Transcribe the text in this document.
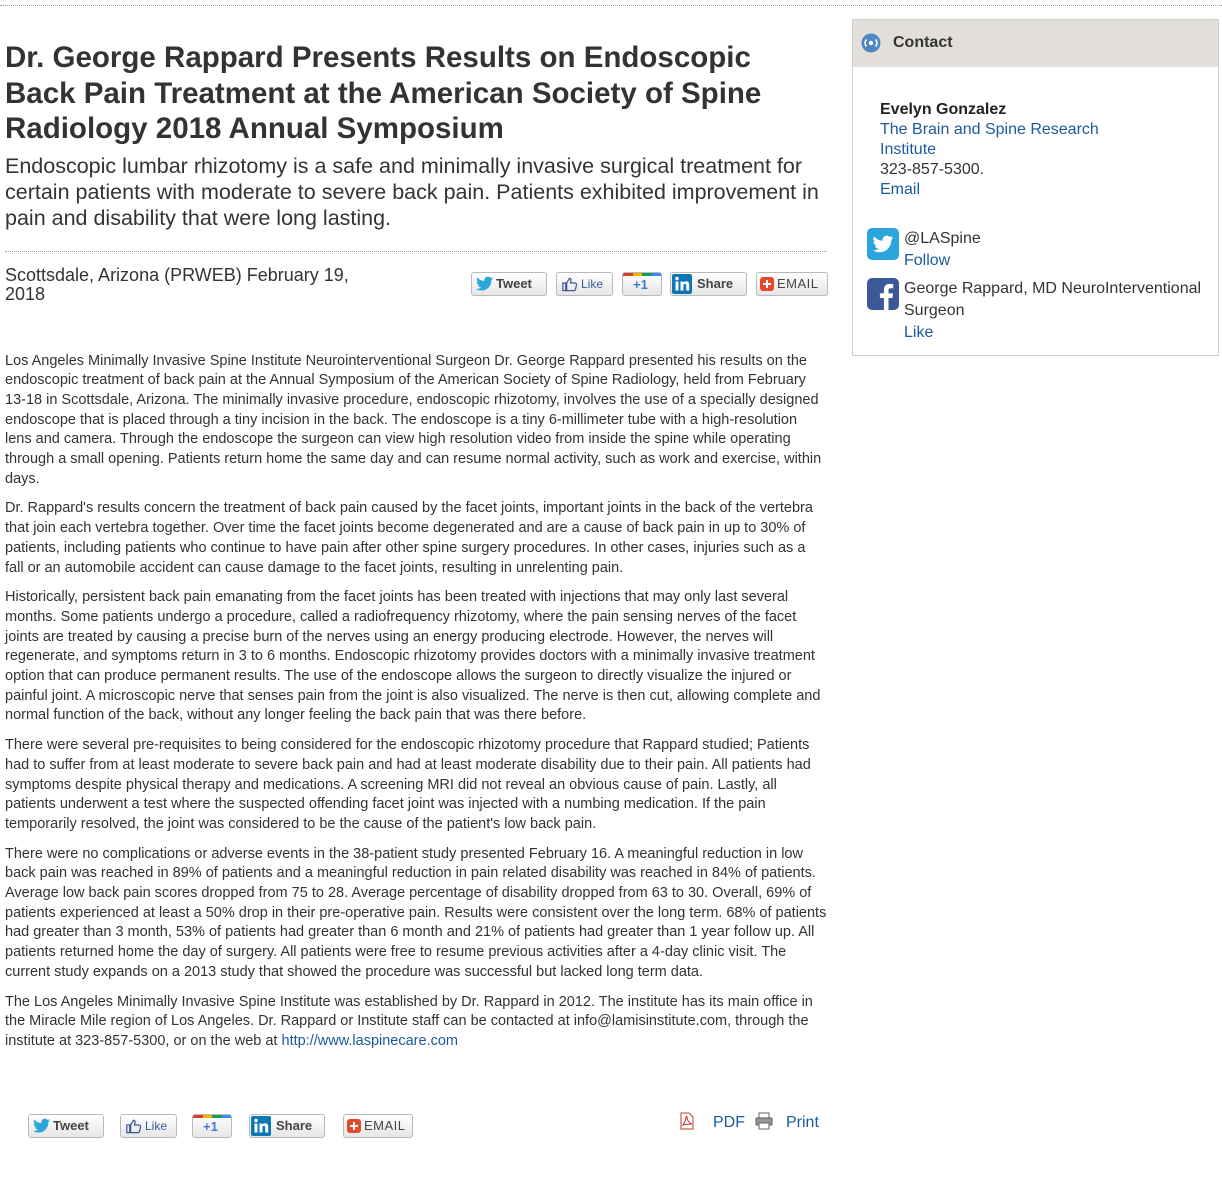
Dr. George Rappard Presents Results on Endoscopic Back Pain Treatment at the American Society of Spine Radiology 2018 Annual Symposium
Endoscopic lumbar rhizotomy is a safe and minimally invasive surgical treatment for certain patients with moderate to severe back pain. Patients exhibited improvement in pain and disability that were long lasting.
Scottsdale, Arizona (PRWEB) February 19, 2018
Tweet	Like +1	Share	EMAIL

Los Angeles Minimally Invasive Spine Institute Neurointerventional Surgeon Dr. George Rappard presented his results on the endoscopic treatment of back pain at the Annual Symposium of the American Society of Spine Radiology, held from February 13-18 in Scottsdale, Arizona. The minimally invasive procedure, endoscopic rhizotomy, involves the use of a specially designed endoscope that is placed through a tiny incision in the back. The endoscope is a tiny 6-millimeter tube with a high-resolution lens and camera. Through the endoscope the surgeon can view high resolution video from inside the spine while operating through a small opening. Patients return home the same day and can resume normal activity, such as work and exercise, within days.

Dr. Rappard's results concern the treatment of back pain caused by the facet joints, important joints in the back of the vertebra that join each vertebra together. Over time the facet joints become degenerated and are a cause of back pain in up to 30% of patients, including patients who continue to have pain after other spine surgery procedures. In other cases, injuries such as a fall or an automobile accident can cause damage to the facet joints, resulting in unrelenting pain.

Historically, persistent back pain emanating from the facet joints has been treated with injections that may only last several months. Some patients undergo a procedure, called a radiofrequency rhizotomy, where the pain sensing nerves of the facet joints are treated by causing a precise burn of the nerves using an energy producing electrode. However, the nerves will regenerate, and symptoms return in 3 to 6 months. Endoscopic rhizotomy provides doctors with a minimally invasive treatment option that can produce permanent results. The use of the endoscope allows the surgeon to directly visualize the injured or painful joint. A microscopic nerve that senses pain from the joint is also visualized. The nerve is then cut, allowing complete and normal function of the back, without any longer feeling the back pain that was there before.

There were several pre-requisites to being considered for the endoscopic rhizotomy procedure that Rappard studied; Patients had to suffer from at least moderate to severe back pain and had at least moderate disability due to their pain. All patients had symptoms despite physical therapy and medications. A screening MRI did not reveal an obvious cause of pain. Lastly, all patients underwent a test where the suspected offending facet joint was injected with a numbing medication. If the pain temporarily resolved, the joint was considered to be the cause of the patient's low back pain.

There were no complications or adverse events in the 38-patient study presented February 16. A meaningful reduction in low back pain was reached in 89% of patients and a meaningful reduction in pain related disability was reached in 84% of patients. Average low back pain scores dropped from 75 to 28. Average percentage of disability dropped from 63 to 30. Overall, 69% of patients experienced at least a 50% drop in their pre-operative pain. Results were consistent over the long term. 68% of patients had greater than 3 month, 53% of patients had greater than 6 month and 21% of patients had greater than 1 year follow up. All patients returned home the day of surgery. All patients were free to resume previous activities after a 4-day clinic visit. The current study expands on a 2013 study that showed the procedure was successful but lacked long term data.

The Los Angeles Minimally Invasive Spine Institute was established by Dr. Rappard in 2012. The institute has its main office in the Miracle Mile region of Los Angeles. Dr. Rappard or Institute staff can be contacted at info@lamisinstitute.com, through the institute at 323-857-5300, or on the web at http://www.laspinecare.com

Tweet	Like	+1	Share	EMAIL	PDF	Print
Contact
Evelyn Gonzalez
The Brain and Spine Research Institute
323-857-5300.
Email
@LASpine
Follow
George Rappard, MD NeuroInterventional Surgeon
Like
